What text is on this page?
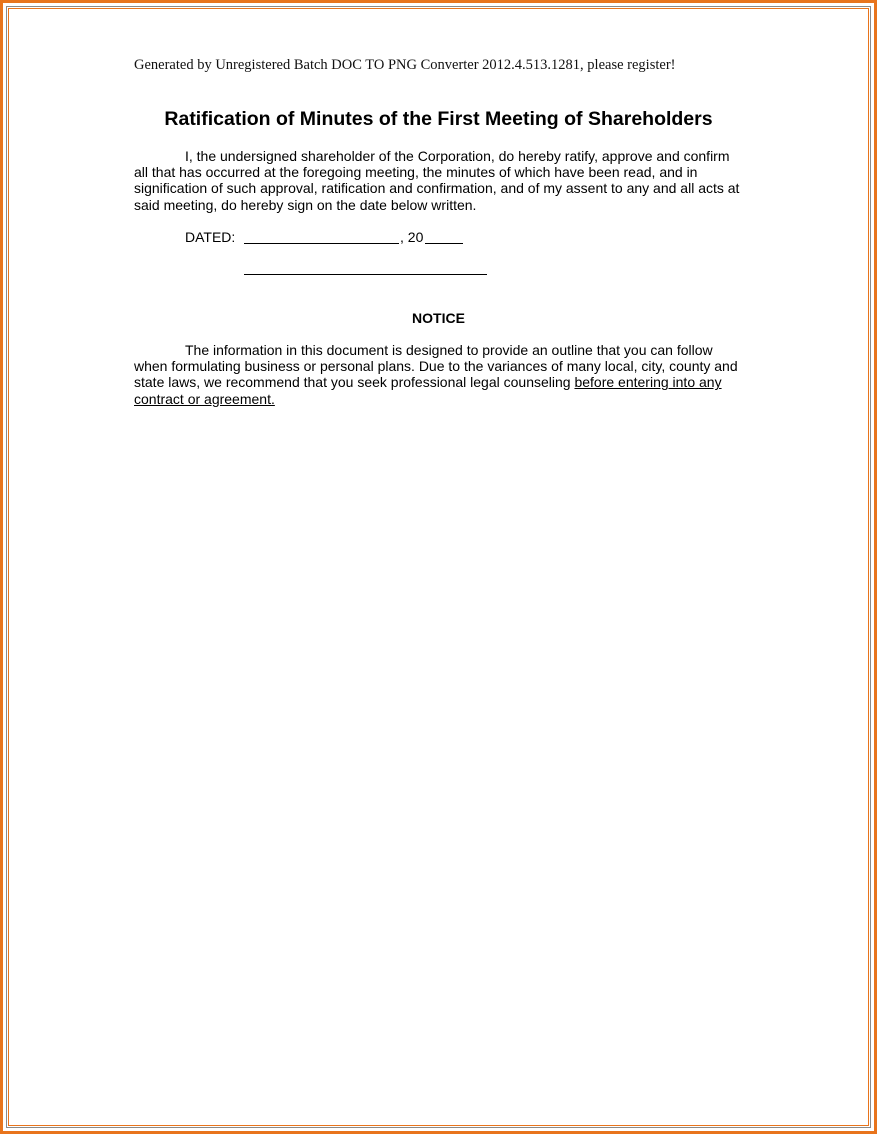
Generated by Unregistered Batch DOC TO PNG Converter 2012.4.513.1281, please register!
Ratification of Minutes of the First Meeting of Shareholders
I, the undersigned shareholder of the Corporation, do hereby ratify, approve and confirm
all that has occurred at the foregoing meeting, the minutes of which have been read, and in
signification of such approval, ratification and confirmation, and of my assent to any and all acts at
said meeting, do hereby sign on the date below written.
DATED:	, 20
NOTICE
The information in this document is designed to provide an outline that you can follow
when formulating business or personal plans. Due to the variances of many local, city, county and
state laws, we recommend that you seek professional legal counseling before entering into any
contract or agreement.
